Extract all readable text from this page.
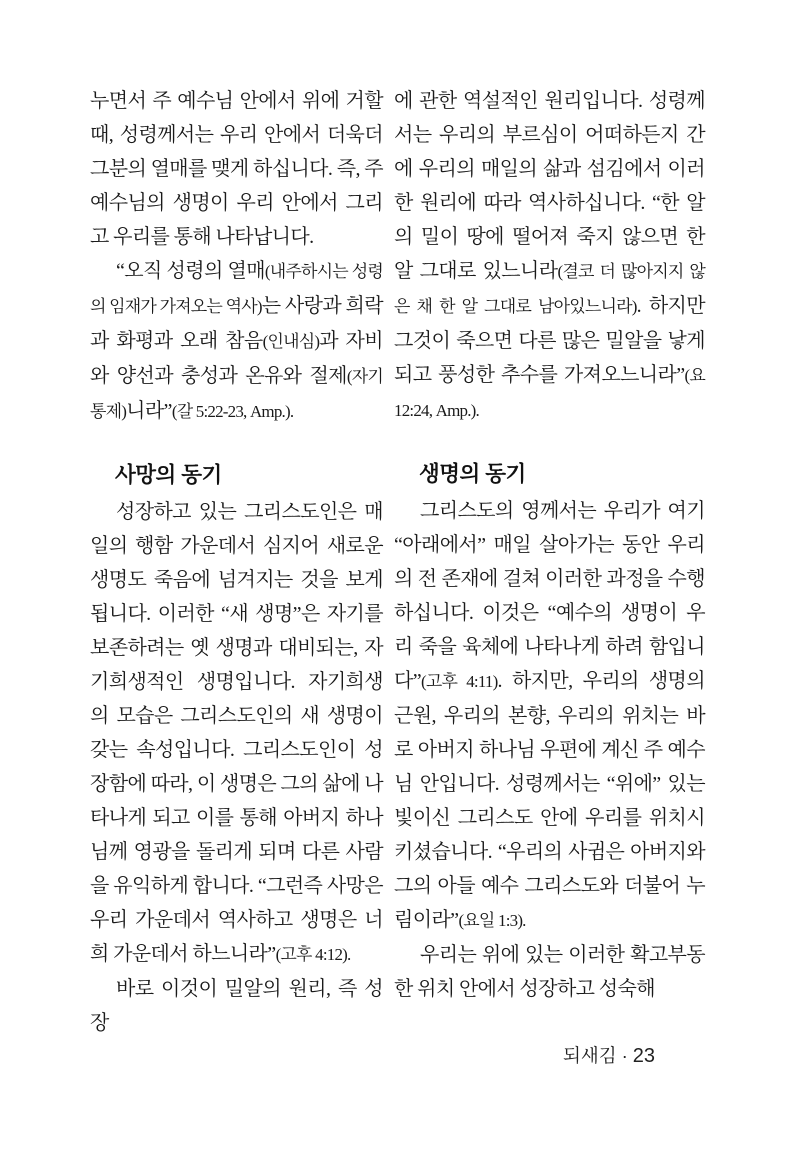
누면서 주 예수님 안에서 위에 거할 때, 성령께서는 우리 안에서 더욱더 그분의 열매를 맺게 하십니다. 즉, 주 예수님의 생명이 우리 안에서 그리고 우리를 통해 나타납니다.

“오직 성령의 열매(내주하시는 성령의 임재가 가져오는 역사)는 사랑과 희락과 화평과 오래 참음(인내심)과 자비와 양선과 충성과 온유와 절제(자기 통제)니라”(갈 5:22-23, Amp.).

사망의 동기

성장하고 있는 그리스도인은 매일의 행함 가운데서 심지어 새로운 생명도 죽음에 넘겨지는 것을 보게 됩니다. 이러한 “새 생명”은 자기를 보존하려는 옛 생명과 대비되는, 자기희생적인 생명입니다. 자기희생의 모습은 그리스도인의 새 생명이 갖는 속성입니다. 그리스도인이 성장함에 따라, 이 생명은 그의 삶에 나타나게 되고 이를 통해 아버지 하나님께 영광을 돌리게 되며 다른 사람을 유익하게 합니다. “그런즉 사망은 우리 가운데서 역사하고 생명은 너희 가운데서 하느니라”(고후 4:12).

바로 이것이 밀알의 원리, 즉 성장

에 관한 역설적인 원리입니다. 성령께서는 우리의 부르심이 어떠하든지 간에 우리의 매일의 삶과 섬김에서 이러한 원리에 따라 역사하십니다. “한 알의 밀이 땅에 떨어져 죽지 않으면 한 알 그대로 있느니라(결코 더 많아지지 않은 채 한 알 그대로 남아있느니라). 하지만 그것이 죽으면 다른 많은 밀알을 낳게 되고 풍성한 추수를 가져오느니라”(요 12:24, Amp.).

생명의 동기

그리스도의 영께서는 우리가 여기 “아래에서” 매일 살아가는 동안 우리의 전 존재에 걸쳐 이러한 과정을 수행하십니다. 이것은 “예수의 생명이 우리 죽을 육체에 나타나게 하려 함입니다”(고후 4:11). 하지만, 우리의 생명의 근원, 우리의 본향, 우리의 위치는 바로 아버지 하나님 우편에 계신 주 예수님 안입니다. 성령께서는 “위에” 있는 빛이신 그리스도 안에 우리를 위치시키셨습니다. “우리의 사귐은 아버지와 그의 아들 예수 그리스도와 더불어 누림이라”(요일 1:3).

우리는 위에 있는 이러한 확고부동한 위치 안에서 성장하고 성숙해

되새김 · 23
